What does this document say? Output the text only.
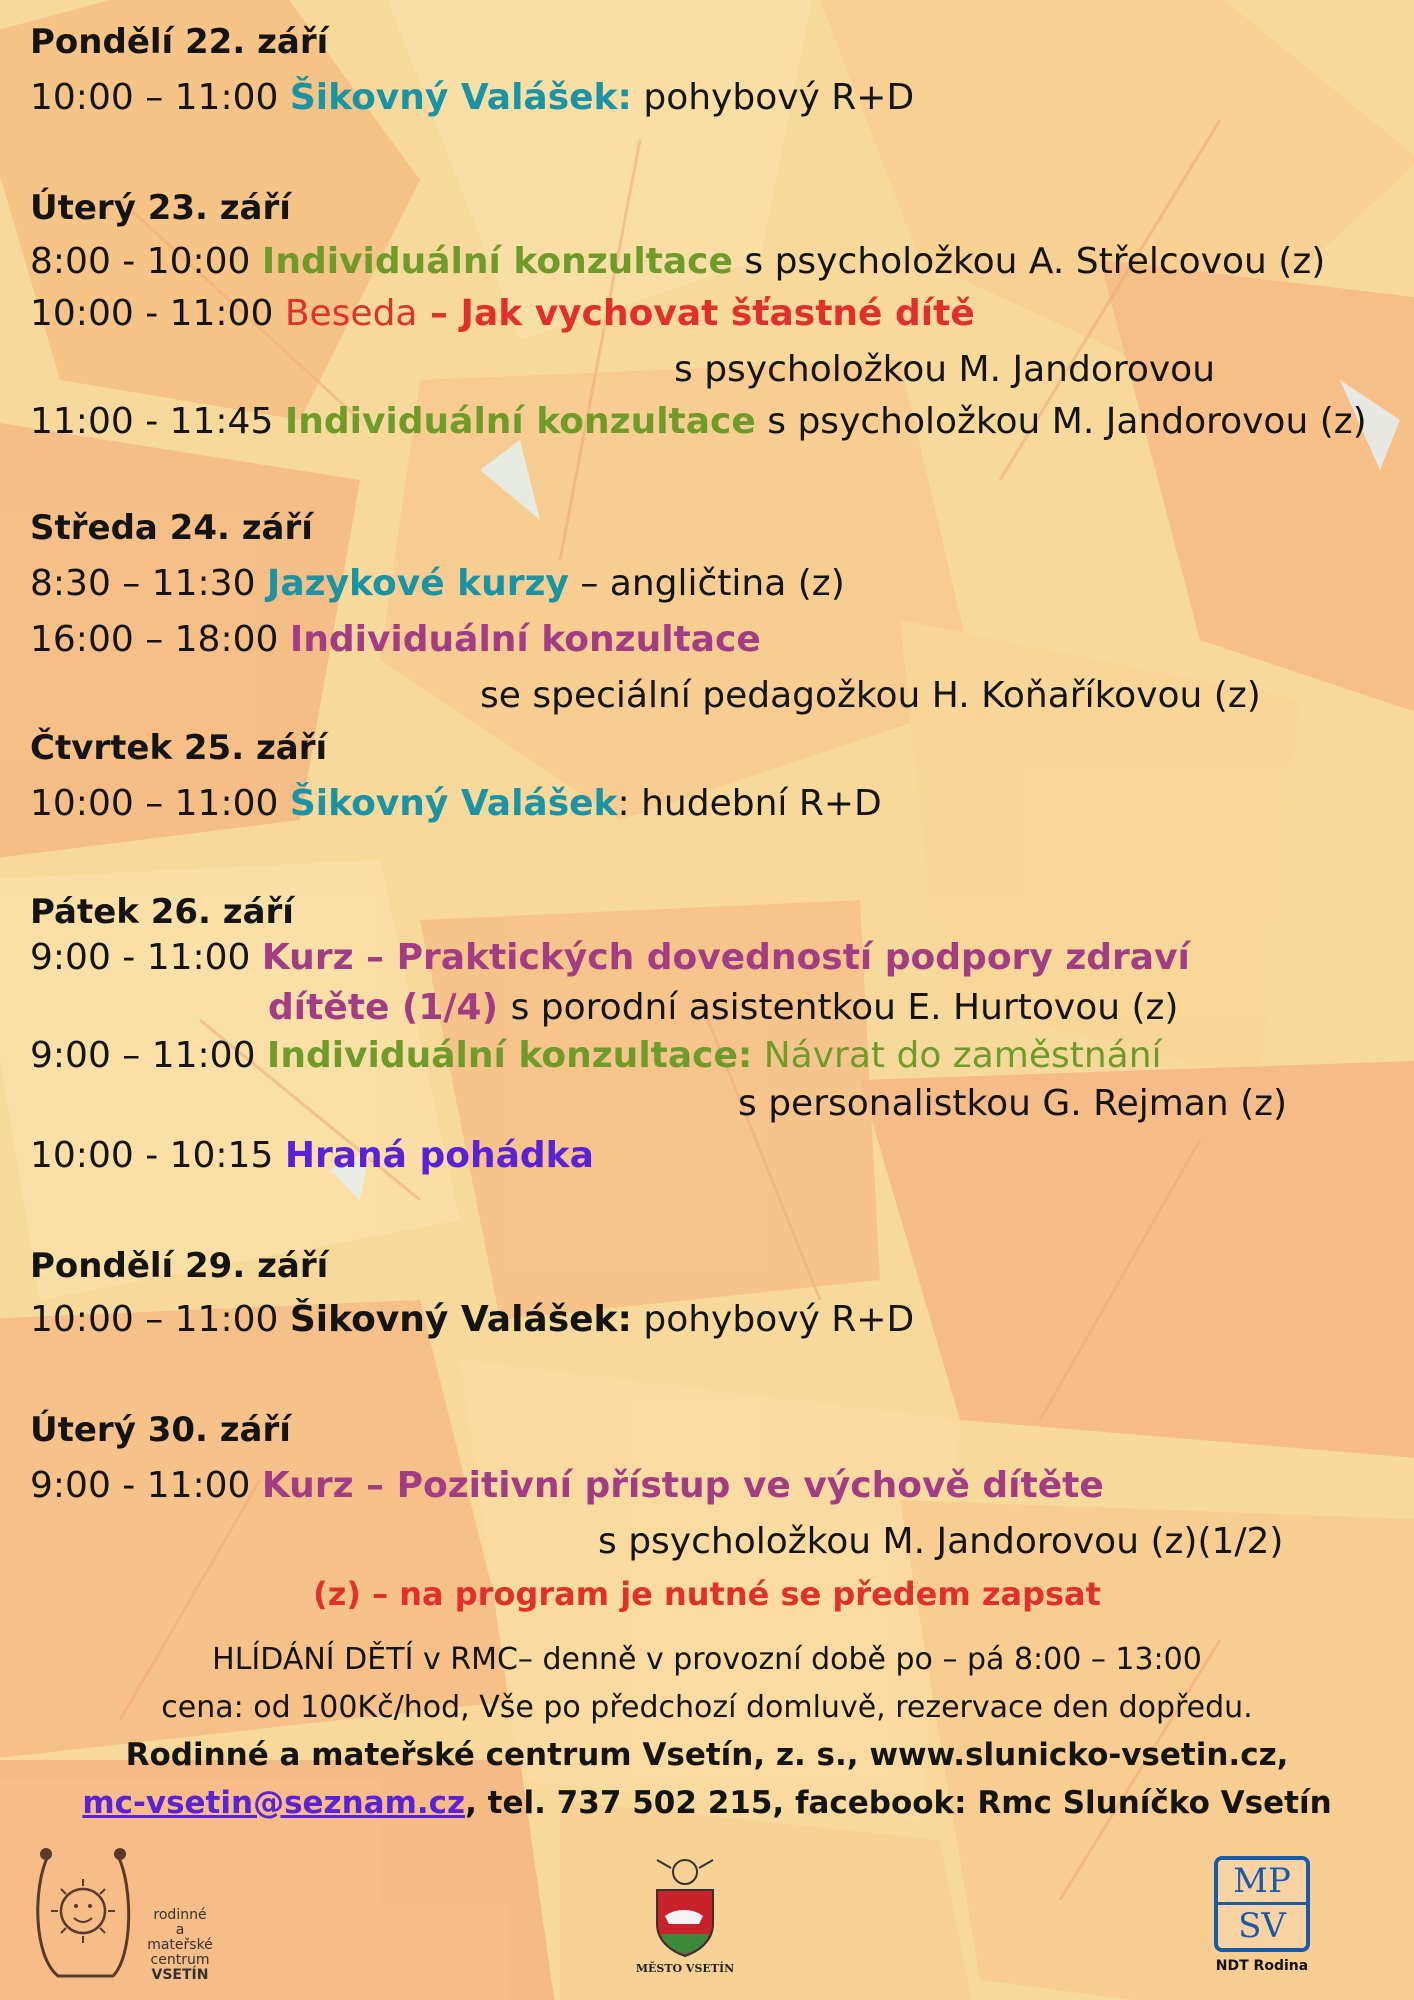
Pondělí 22. září
10:00 – 11:00 Šikovný Valášek: pohybový R+D
Úterý 23. září
8:00 - 10:00 Individuální konzultace s psycholožkou A. Střelcovou (z)
10:00 - 11:00 Beseda – Jak vychovat šťastné dítě
s psycholožkou M. Jandorovou
11:00 - 11:45 Individuální konzultace s psycholožkou M. Jandorovou (z)
Středa 24. září
8:30 – 11:30 Jazykové kurzy – angličtina (z)
16:00 – 18:00 Individuální konzultace
se speciální pedagožkou H. Koňaříkovou (z)
Čtvrtek 25. září
10:00 – 11:00 Šikovný Valášek: hudební R+D
Pátek 26. září
9:00 - 11:00 Kurz – Praktických dovedností podpory zdraví
dítěte (1/4) s porodní asistentkou E. Hurtovou (z)
9:00 – 11:00 Individuální konzultace: Návrat do zaměstnání
s personalistkou G. Rejman (z)
10:00 - 10:15 Hraná pohádka
Pondělí 29. září
10:00 – 11:00 Šikovný Valášek: pohybový R+D
Úterý 30. září
9:00 - 11:00 Kurz – Pozitivní přístup ve výchově dítěte
s psycholožkou M. Jandorovou (z)(1/2)
(z) – na program je nutné se předem zapsat
HLÍDÁNÍ DĚTÍ v RMC– denně v provozní době po – pá 8:00 – 13:00
cena: od 100Kč/hod, Vše po předchozí domluvě, rezervace den dopředu.
Rodinné a mateřské centrum Vsetín, z. s., www.slunicko-vsetin.cz,
mc-vsetin@seznam.cz, tel. 737 502 215, facebook: Rmc Sluníčko Vsetín
rodinné
a
mateřské
centrum
VSETÍN	MĚSTO VSETÍN
MP
SV
NDT Rodina
